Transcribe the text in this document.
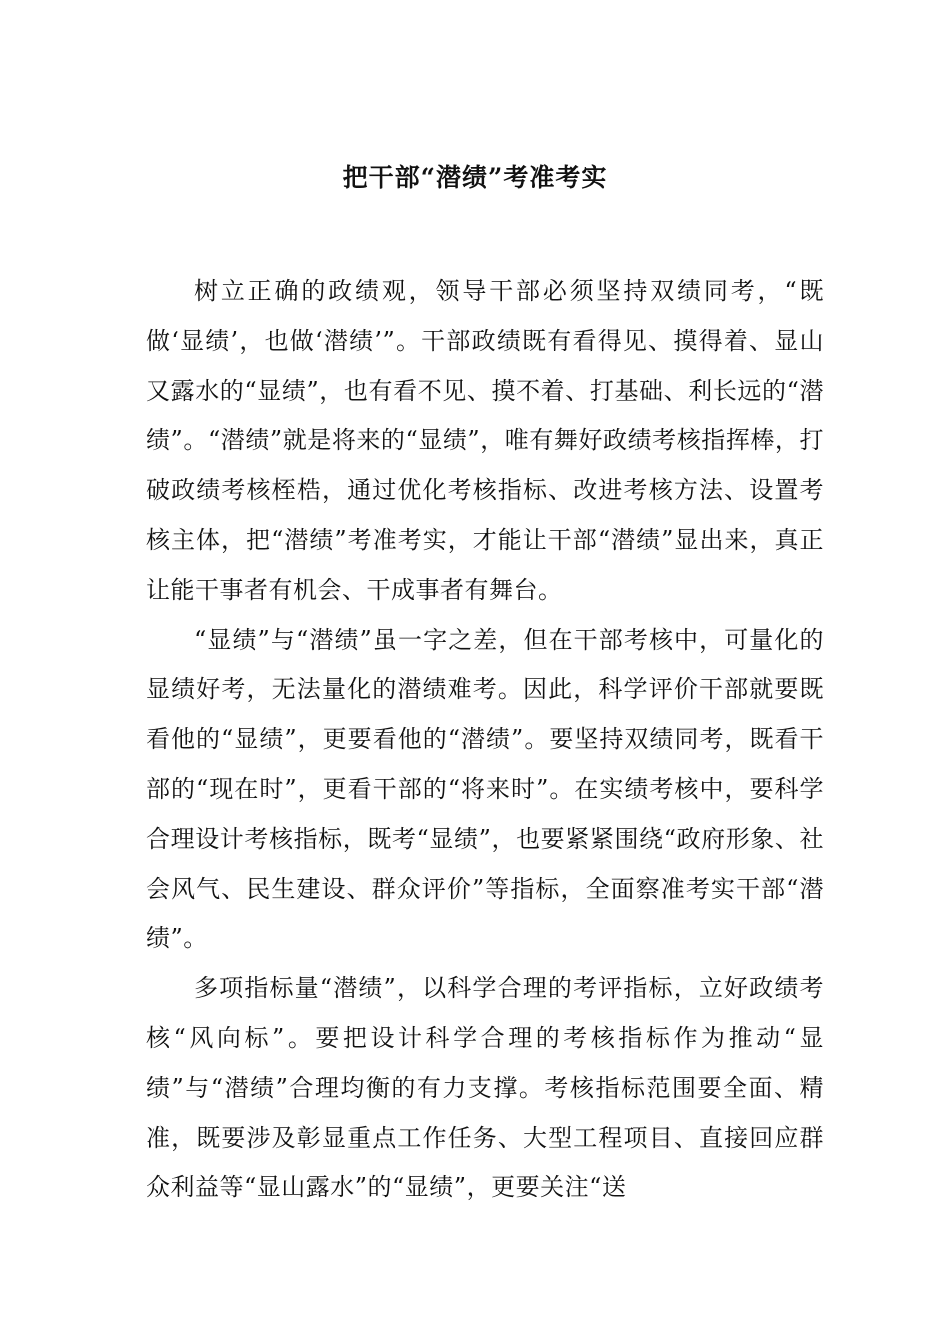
把干部“潜绩”考准考实

树立正确的政绩观，领导干部必须坚持双绩同考，“既做‘显绩’，也做‘潜绩’”。干部政绩既有看得见、摸得着、显山又露水的“显绩”，也有看不见、摸不着、打基础、利长远的“潜绩”。“潜绩”就是将来的“显绩”，唯有舞好政绩考核指挥棒，打破政绩考核桎梏，通过优化考核指标、改进考核方法、设置考核主体，把“潜绩”考准考实，才能让干部“潜绩”显出来，真正让能干事者有机会、干成事者有舞台。

“显绩”与“潜绩”虽一字之差，但在干部考核中，可量化的显绩好考，无法量化的潜绩难考。因此，科学评价干部就要既看他的“显绩”，更要看他的“潜绩”。要坚持双绩同考，既看干部的“现在时”，更看干部的“将来时”。在实绩考核中，要科学合理设计考核指标，既考“显绩”，也要紧紧围绕“政府形象、社会风气、民生建设、群众评价”等指标，全面察准考实干部“潜绩”。

多项指标量“潜绩”，以科学合理的考评指标，立好政绩考核“风向标”。要把设计科学合理的考核指标作为推动“显绩”与“潜绩”合理均衡的有力支撑。考核指标范围要全面、精准，既要涉及彰显重点工作任务、大型工程项目、直接回应群众利益等“显山露水”的“显绩”，更要关注“送
